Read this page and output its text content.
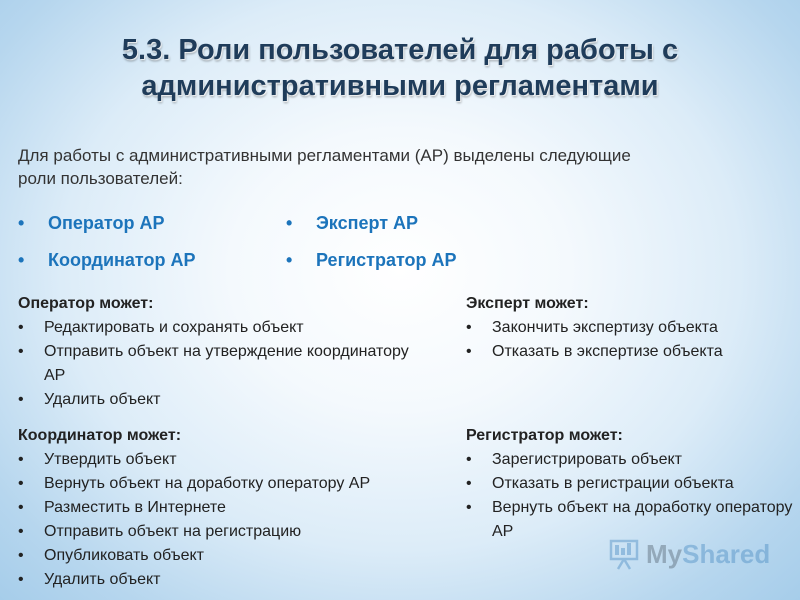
5.3. Роли пользователей для работы с
административными регламентами
Для работы с административными регламентами (АР) выделены следующие
роли пользователей:
• Оператор АР	• Эксперт АР
• Координатор АР	• Регистратор АР
Оператор может:
• Редактировать и сохранять объект
• Отправить объект на утверждение координатору АР
• Удалить объект
Эксперт может:
• Закончить экспертизу объекта
• Отказать в экспертизе объекта
Координатор может:
• Утвердить объект
• Вернуть объект на доработку оператору АР
• Разместить в Интернете
• Отправить объект на регистрацию
• Опубликовать объект
• Удалить объект
Регистратор может:
• Зарегистрировать объект
• Отказать в регистрации объекта
• Вернуть объект на доработку оператору АР
MyShared
